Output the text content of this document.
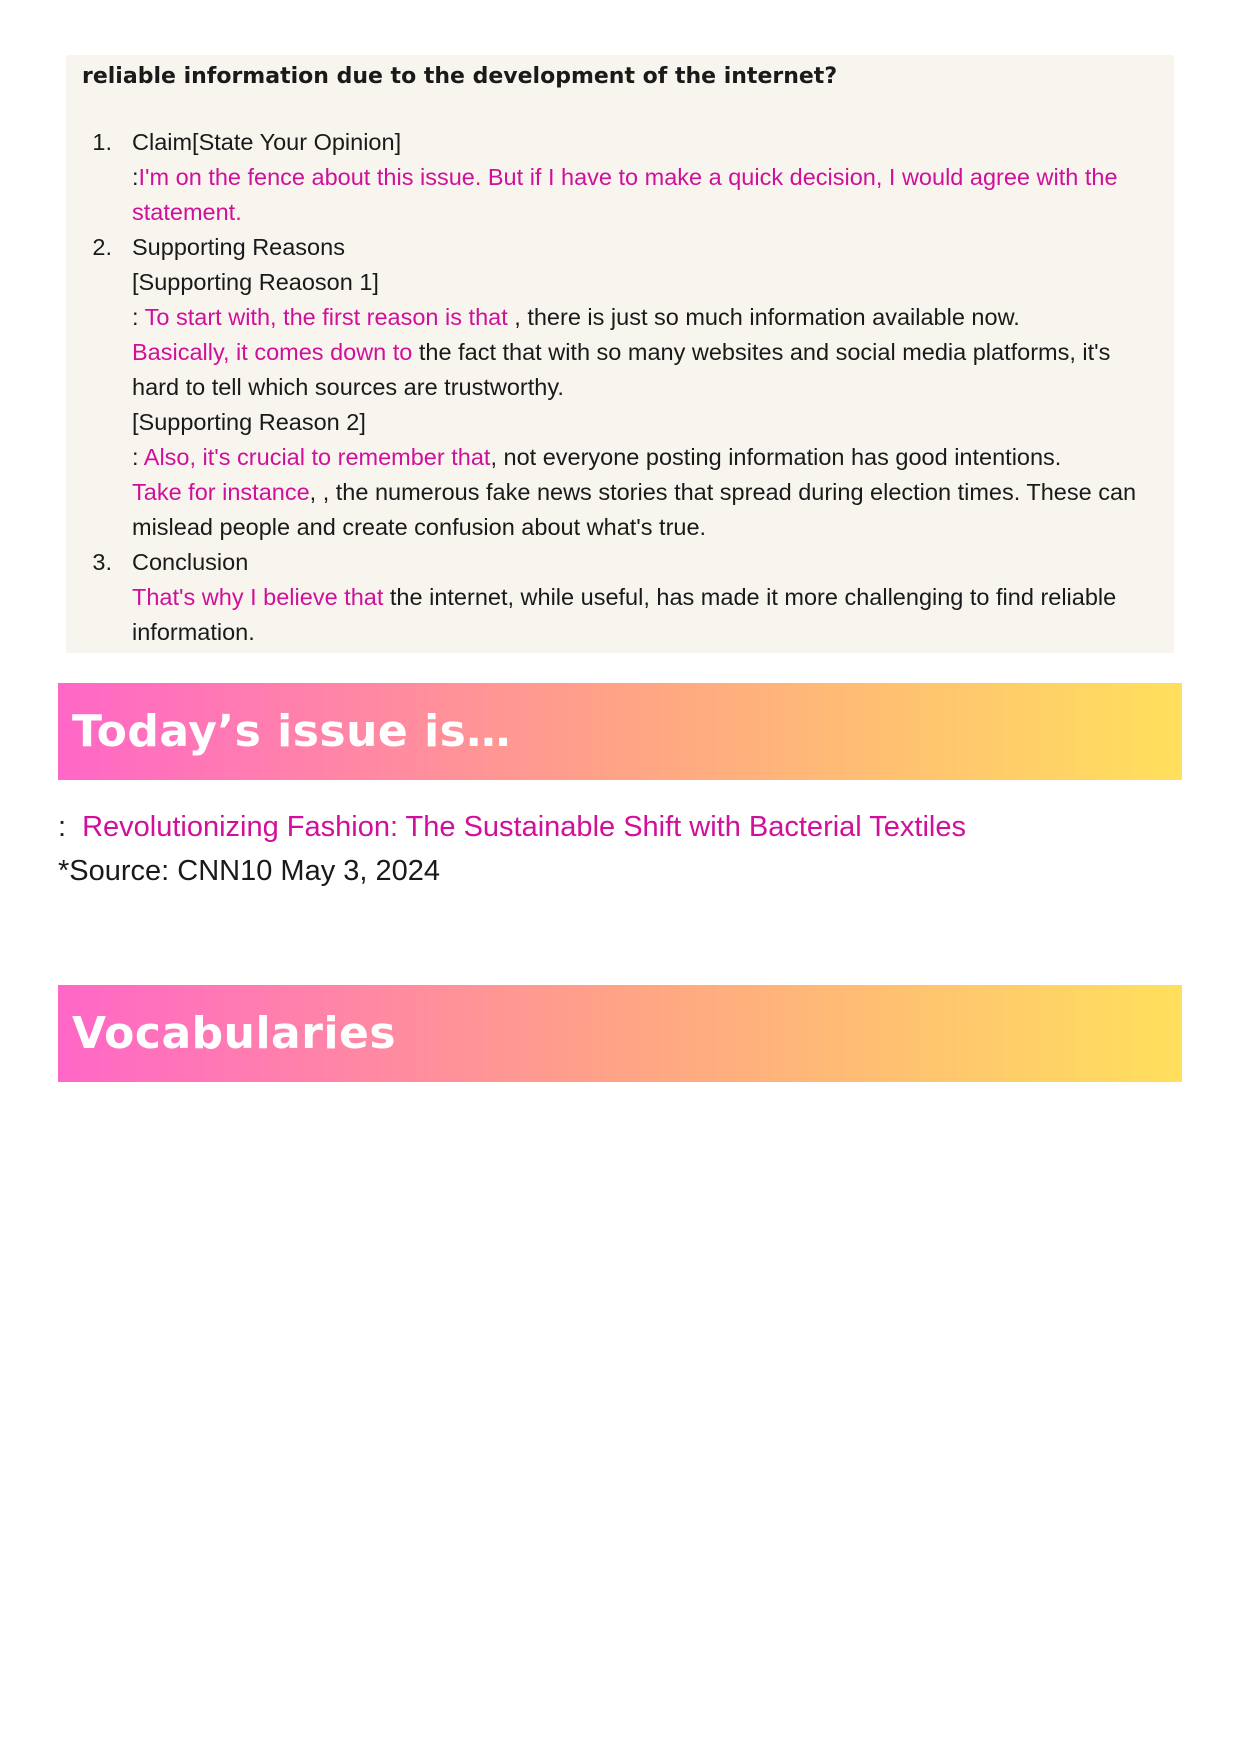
reliable information due to the development of the internet?

1. Claim[State Your Opinion]
:I'm on the fence about this issue. But if I have to make a quick decision, I would agree with the statement.
2. Supporting Reasons
[Supporting Reaoson 1]
: To start with, the first reason is that , there is just so much information available now.
Basically, it comes down to the fact that with so many websites and social media platforms, it's hard to tell which sources are trustworthy.
[Supporting Reason 2]
: Also, it's crucial to remember that, not everyone posting information has good intentions.
Take for instance, , the numerous fake news stories that spread during election times. These can mislead people and create confusion about what's true.
3. Conclusion
That's why I believe that the internet, while useful, has made it more challenging to find reliable information.
Today’s issue is…
: Revolutionizing Fashion: The Sustainable Shift with Bacterial Textiles
*Source: CNN10 May 3, 2024
Vocabularies
